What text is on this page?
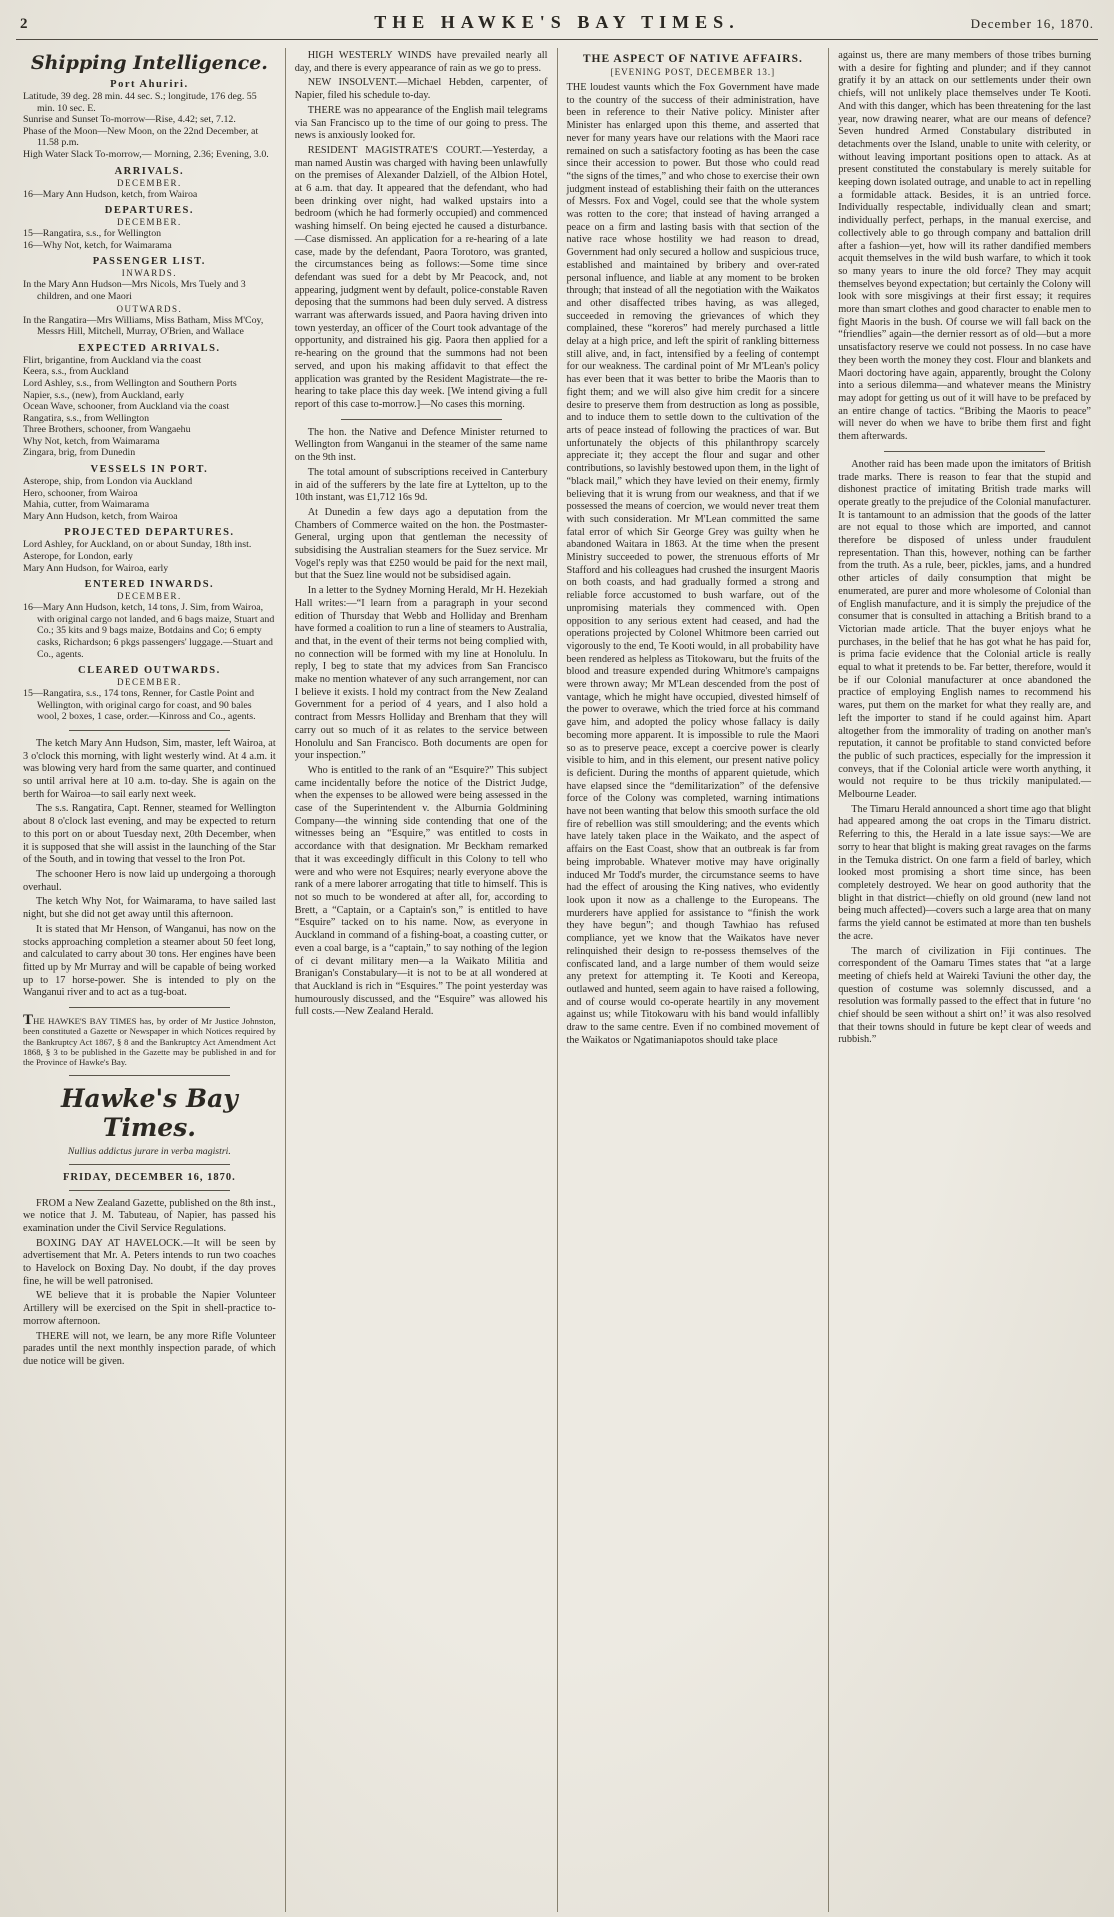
2	THE HAWKE'S BAY TIMES.	December 16, 1870.
Shipping Intelligence.
Port Ahuriri.
Latitude, 39 deg. 28 min. 44 sec. S.; longitude, 176 deg. 55 min. 10 sec. E.
Sunrise and Sunset To-morrow—Rise, 4.42; set, 7.12.
Phase of the Moon—New Moon, on the 22nd December, at 11.58 p.m.
High Water Slack To-morrow,— Morning, 2.36; Evening, 3.0.
ARRIVALS.
DECEMBER.
16—Mary Ann Hudson, ketch, from Wairoa
DEPARTURES.
DECEMBER.
15—Rangatira, s.s., for Wellington
16—Why Not, ketch, for Waimarama
PASSENGER LIST.
INWARDS.
In the Mary Ann Hudson—Mrs Nicols, Mrs Tuely and 3 children, and one Maori
OUTWARDS.
In the Rangatira—Mrs Williams, Miss Batham, Miss M'Coy, Messrs Hill, Mitchell, Murray, O'Brien, and Wallace
EXPECTED ARRIVALS.
Flirt, brigantine, from Auckland via the coast
Keera, s.s., from Auckland
Lord Ashley, s.s., from Wellington and Southern Ports
Napier, s.s., (new), from Auckland, early
Ocean Wave, schooner, from Auckland via the coast
Rangatira, s.s., from Wellington
Three Brothers, schooner, from Wangaehu
Why Not, ketch, from Waimarama
Zingara, brig, from Dunedin
VESSELS IN PORT.
Asterope, ship, from London via Auckland
Hero, schooner, from Wairoa
Mahia, cutter, from Waimarama
Mary Ann Hudson, ketch, from Wairoa
PROJECTED DEPARTURES.
Lord Ashley, for Auckland, on or about Sunday, 18th inst.
Asterope, for London, early
Mary Ann Hudson, for Wairoa, early
ENTERED INWARDS.
DECEMBER.
16—Mary Ann Hudson, ketch, 14 tons, J. Sim, from Wairoa, with original cargo not landed, and 6 bags maize, Stuart and Co.; 35 kits and 9 bags maize, Botdains and Co; 6 empty casks, Richardson; 6 pkgs passengers' luggage.—Stuart and Co., agents.
CLEARED OUTWARDS.
DECEMBER.
15—Rangatira, s.s., 174 tons, Renner, for Castle Point and Wellington, with original cargo for coast, and 90 bales wool, 2 boxes, 1 case, order.—Kinross and Co., agents.
The ketch Mary Ann Hudson, Sim, master, left Wairoa, at 3 o'clock this morning, with light westerly wind. At 4 a.m. it was blowing very hard from the same quarter, and continued so until arrival here at 10 a.m. to-day. She is again on the berth for Wairoa—to sail early next week.
The s.s. Rangatira, Capt. Renner, steamed for Wellington about 8 o'clock last evening, and may be expected to return to this port on or about Tuesday next, 20th December, when it is supposed that she will assist in the launching of the Star of the South, and in towing that vessel to the Iron Pot.
The schooner Hero is now laid up undergoing a thorough overhaul.
The ketch Why Not, for Waimarama, to have sailed last night, but she did not get away until this afternoon.
It is stated that Mr Henson, of Wanganui, has now on the stocks approaching completion a steamer about 50 feet long, and calculated to carry about 30 tons. Her engines have been fitted up by Mr Murray and will be capable of being worked up to 17 horse-power. She is intended to ply on the Wanganui river and to act as a tug-boat.
THE HAWKE'S BAY TIMES has, by order of Mr Justice Johnston, been constituted a Gazette or Newspaper in which Notices required by the Bankruptcy Act 1867, § 8 and the Bankruptcy Act Amendment Act 1868, § 3 to be published in the Gazette may be published in and for the Province of Hawke's Bay.
Hawke's Bay Times.
Nullius addictus jurare in verba magistri.
FRIDAY, DECEMBER 16, 1870.
FROM a New Zealand Gazette, published on the 8th inst., we notice that J. M. Tabuteau, of Napier, has passed his examination under the Civil Service Regulations.
BOXING DAY AT HAVELOCK.—It will be seen by advertisement that Mr. A. Peters intends to run two coaches to Havelock on Boxing Day. No doubt, if the day proves fine, he will be well patronised.
WE believe that it is probable the Napier Volunteer Artillery will be exercised on the Spit in shell-practice to-morrow afternoon.
THERE will not, we learn, be any more Rifle Volunteer parades until the next monthly inspection parade, of which due notice will be given.
HIGH WESTERLY WINDS have prevailed nearly all day, and there is every appearance of rain as we go to press.
NEW INSOLVENT.—Michael Hebden, carpenter, of Napier, filed his schedule to-day.
THERE was no appearance of the English mail telegrams via San Francisco up to the time of our going to press. The news is anxiously looked for.
RESIDENT MAGISTRATE'S COURT.—Yesterday, a man named Austin was charged with having been unlawfully on the premises of Alexander Dalziell, of the Albion Hotel, at 6 a.m. that day. It appeared that the defendant, who had been drinking over night, had walked upstairs into a bedroom (which he had formerly occupied) and commenced washing himself. On being ejected he caused a disturbance.—Case dismissed. An application for a re-hearing of a late case, made by the defendant, Paora Torotoro, was granted, the circumstances being as follows:—Some time since defendant was sued for a debt by Mr Peacock, and, not appearing, judgment went by default, police-constable Raven deposing that the summons had been duly served. A distress warrant was afterwards issued, and Paora having driven into town yesterday, an officer of the Court took advantage of the opportunity, and distrained his gig. Paora then applied for a re-hearing on the ground that the summons had not been served, and upon his making affidavit to that effect the application was granted by the Resident Magistrate—the re-hearing to take place this day week. [We intend giving a full report of this case to-morrow.]—No cases this morning.
The hon. the Native and Defence Minister returned to Wellington from Wanganui in the steamer of the same name on the 9th inst.
The total amount of subscriptions received in Canterbury in aid of the sufferers by the late fire at Lyttelton, up to the 10th instant, was £1,712 16s 9d.
At Dunedin a few days ago a deputation from the Chambers of Commerce waited on the hon. the Postmaster-General, urging upon that gentleman the necessity of subsidising the Australian steamers for the Suez service. Mr Vogel's reply was that £250 would be paid for the next mail, but that the Suez line would not be subsidised again.
In a letter to the Sydney Morning Herald, Mr H. Hezekiah Hall writes:—“I learn from a paragraph in your second edition of Thursday that Webb and Holliday and Brenham have formed a coalition to run a line of steamers to Australia, and that, in the event of their terms not being complied with, no connection will be formed with my line at Honolulu. In reply, I beg to state that my advices from San Francisco make no mention whatever of any such arrangement, nor can I believe it exists. I hold my contract from the New Zealand Government for a period of 4 years, and I also hold a contract from Messrs Holliday and Brenham that they will carry out so much of it as relates to the service between Honolulu and San Francisco. Both documents are open for your inspection.”
Who is entitled to the rank of an “Esquire?” This subject came incidentally before the notice of the District Judge, when the expenses to be allowed were being assessed in the case of the Superintendent v. the Alburnia Goldmining Company—the winning side contending that one of the witnesses being an “Esquire,” was entitled to costs in accordance with that designation. Mr Beckham remarked that it was exceedingly difficult in this Colony to tell who were and who were not Esquires; nearly everyone above the rank of a mere laborer arrogating that title to himself. This is not so much to be wondered at after all, for, according to Brett, a “Captain, or a Captain's son,” is entitled to have “Esquire” tacked on to his name. Now, as everyone in Auckland in command of a fishing-boat, a coasting cutter, or even a coal barge, is a “captain,” to say nothing of the legion of ci devant military men—a la Waikato Militia and Branigan's Constabulary—it is not to be at all wondered at that Auckland is rich in “Esquires.” The point yesterday was humourously discussed, and the “Esquire” was allowed his full costs.—New Zealand Herald.
THE ASPECT OF NATIVE AFFAIRS.
[EVENING POST, DECEMBER 13.]
THE loudest vaunts which the Fox Government have made to the country of the success of their administration, have been in reference to their Native policy. Minister after Minister has enlarged upon this theme, and asserted that never for many years have our relations with the Maori race remained on such a satisfactory footing as has been the case since their accession to power. But those who could read “the signs of the times,” and who chose to exercise their own judgment instead of establishing their faith on the utterances of Messrs. Fox and Vogel, could see that the whole system was rotten to the core; that instead of having arranged a peace on a firm and lasting basis with that section of the native race whose hostility we had reason to dread, Government had only secured a hollow and suspicious truce, established and maintained by bribery and over-rated personal influence, and liable at any moment to be broken through; that instead of all the negotiation with the Waikatos and other disaffected tribes having, as was alleged, succeeded in removing the grievances of which they complained, these “koreros” had merely purchased a little delay at a high price, and left the spirit of rankling bitterness still alive, and, in fact, intensified by a feeling of contempt for our weakness. The cardinal point of Mr M'Lean's policy has ever been that it was better to bribe the Maoris than to fight them; and we will also give him credit for a sincere desire to preserve them from destruction as long as possible, and to induce them to settle down to the cultivation of the arts of peace instead of following the practices of war. But unfortunately the objects of this philanthropy scarcely appreciate it; they accept the flour and sugar and other contributions, so lavishly bestowed upon them, in the light of “black mail,” which they have levied on their enemy, firmly believing that it is wrung from our weakness, and that if we possessed the means of coercion, we would never treat them with such consideration. Mr M'Lean committed the same fatal error of which Sir George Grey was guilty when he abandoned Waitara in 1863. At the time when the present Ministry succeeded to power, the strenuous efforts of Mr Stafford and his colleagues had crushed the insurgent Maoris on both coasts, and had gradually formed a strong and reliable force accustomed to bush warfare, out of the unpromising materials they commenced with. Open opposition to any serious extent had ceased, and had the operations projected by Colonel Whitmore been carried out vigorously to the end, Te Kooti would, in all probability have been rendered as helpless as Titokowaru, but the fruits of the blood and treasure expended during Whitmore's campaigns were thrown away; Mr M'Lean descended from the post of vantage, which he might have occupied, divested himself of the power to overawe, which the tried force at his command gave him, and adopted the policy whose fallacy is daily becoming more apparent. It is impossible to rule the Maori so as to preserve peace, except a coercive power is clearly visible to him, and in this element, our present native policy is deficient. During the months of apparent quietude, which have elapsed since the “demilitarization” of the defensive force of the Colony was completed, warning intimations have not been wanting that below this smooth surface the old fire of rebellion was still smouldering; and the events which have lately taken place in the Waikato, and the aspect of affairs on the East Coast, show that an outbreak is far from being improbable. Whatever motive may have originally induced Mr Todd's murder, the circumstance seems to have had the effect of arousing the King natives, who evidently look upon it now as a challenge to the Europeans. The murderers have applied for assistance to “finish the work they have begun”; and though Tawhiao has refused compliance, yet we know that the Waikatos have never relinquished their design to re-possess themselves of the confiscated land, and a large number of them would seize any pretext for attempting it. Te Kooti and Kereopa, outlawed and hunted, seem again to have raised a following, and of course would co-operate heartily in any movement against us; while Titokowaru with his band would infallibly draw to the same centre. Even if no combined movement of the Waikatos or Ngatimaniapotos should take place
against us, there are many members of those tribes burning with a desire for fighting and plunder; and if they cannot gratify it by an attack on our settlements under their own chiefs, will not unlikely place themselves under Te Kooti. And with this danger, which has been threatening for the last year, now drawing nearer, what are our means of defence? Seven hundred Armed Constabulary distributed in detachments over the Island, unable to unite with celerity, or without leaving important positions open to attack. As at present constituted the constabulary is merely suitable for keeping down isolated outrage, and unable to act in repelling a formidable attack. Besides, it is an untried force. Individually respectable, individually clean and smart; individually perfect, perhaps, in the manual exercise, and collectively able to go through company and battalion drill after a fashion—yet, how will its rather dandified members acquit themselves in the wild bush warfare, to which it took so many years to inure the old force? They may acquit themselves beyond expectation; but certainly the Colony will look with sore misgivings at their first essay; it requires more than smart clothes and good character to enable men to fight Maoris in the bush. Of course we will fall back on the “friendlies” again—the dernier ressort as of old—but a more unsatisfactory reserve we could not possess. In no case have they been worth the money they cost. Flour and blankets and Maori doctoring have again, apparently, brought the Colony into a serious dilemma—and whatever means the Ministry may adopt for getting us out of it will have to be prefaced by an entire change of tactics. “Bribing the Maoris to peace” will never do when we have to bribe them first and fight them afterwards.
Another raid has been made upon the imitators of British trade marks. There is reason to fear that the stupid and dishonest practice of imitating British trade marks will operate greatly to the prejudice of the Colonial manufacturer. It is tantamount to an admission that the goods of the latter are not equal to those which are imported, and cannot therefore be disposed of unless under fraudulent representation. Than this, however, nothing can be farther from the truth. As a rule, beer, pickles, jams, and a hundred other articles of daily consumption that might be enumerated, are purer and more wholesome of Colonial than of English manufacture, and it is simply the prejudice of the consumer that is consulted in attaching a British brand to a Victorian made article. That the buyer enjoys what he purchases, in the belief that he has got what he has paid for, is prima facie evidence that the Colonial article is really equal to what it pretends to be. Far better, therefore, would it be if our Colonial manufacturer at once abandoned the practice of employing English names to recommend his wares, put them on the market for what they really are, and left the importer to stand if he could against him. Apart altogether from the immorality of trading on another man's reputation, it cannot be profitable to stand convicted before the public of such practices, especially for the impression it conveys, that if the Colonial article were worth anything, it would not require to be thus trickily manipulated.—Melbourne Leader.
The Timaru Herald announced a short time ago that blight had appeared among the oat crops in the Timaru district. Referring to this, the Herald in a late issue says:—We are sorry to hear that blight is making great ravages on the farms in the Temuka district. On one farm a field of barley, which looked most promising a short time since, has been completely destroyed. We hear on good authority that the blight in that district—chiefly on old ground (new land not being much affected)—covers such a large area that on many farms the yield cannot be estimated at more than ten bushels the acre.
The march of civilization in Fiji continues. The correspondent of the Oamaru Times states that “at a large meeting of chiefs held at Waireki Taviuni the other day, the question of costume was solemnly discussed, and a resolution was formally passed to the effect that in future ‘no chief should be seen without a shirt on!’ it was also resolved that their towns should in future be kept clear of weeds and rubbish.”
